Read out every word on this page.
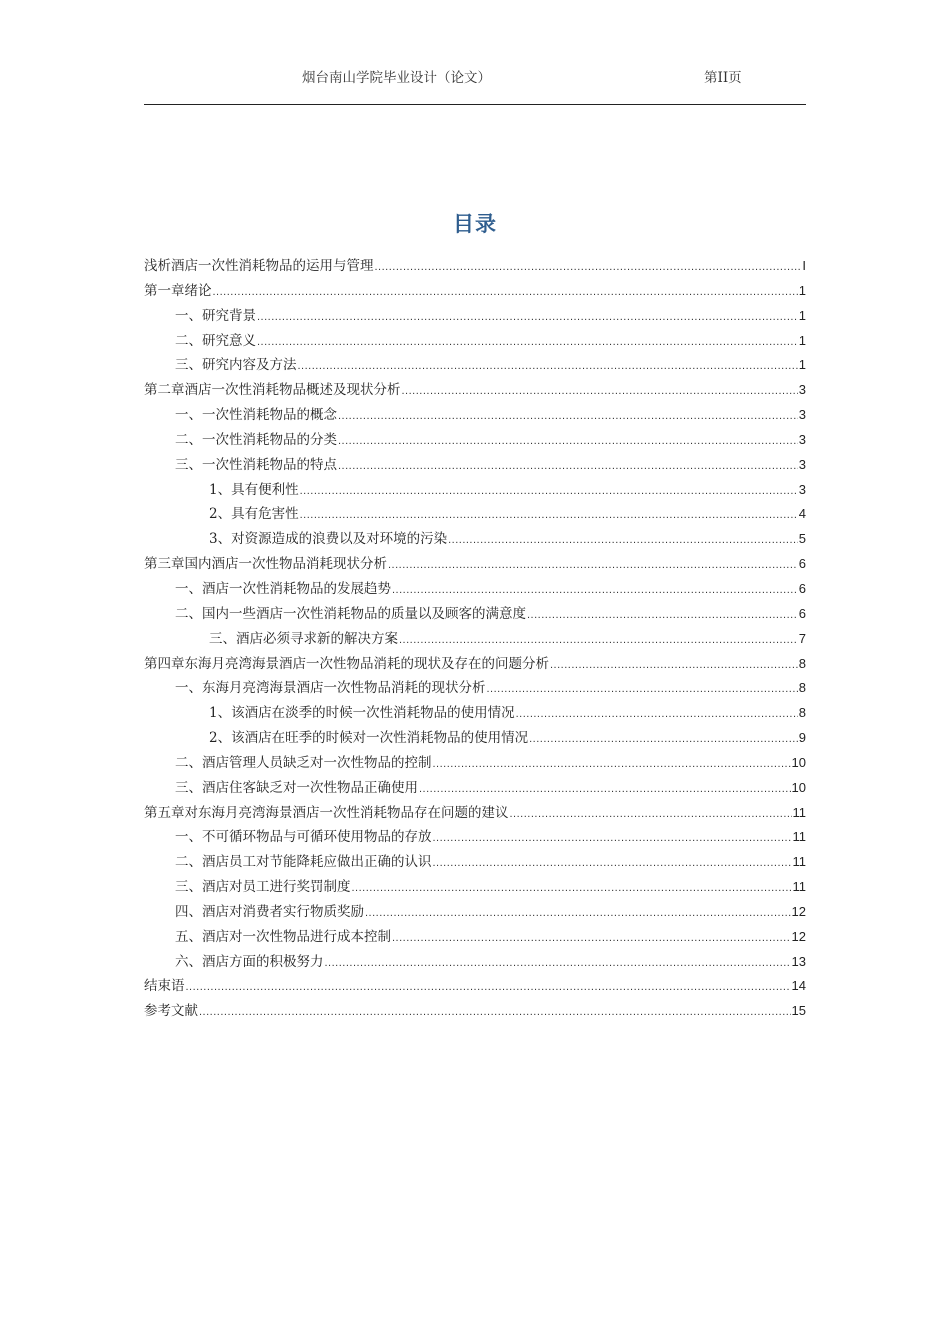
烟台南山学院毕业设计（论文）	第II页
目录
浅析酒店一次性消耗物品的运用与管理 .....	I
第一章绪论 .....	1
一、研究背景 .....	1
二、研究意义 .....	1
三、研究内容及方法 .....	1
第二章酒店一次性消耗物品概述及现状分析 .....	3
一、一次性消耗物品的概念 .....	3
二、一次性消耗物品的分类 .....	3
三、一次性消耗物品的特点 .....	3
1、具有便利性 .....	3
2、具有危害性 .....	4
3、对资源造成的浪费以及对环境的污染 .....	5
第三章国内酒店一次性物品消耗现状分析 .....	6
一、酒店一次性消耗物品的发展趋势 .....	6
二、国内一些酒店一次性消耗物品的质量以及顾客的满意度 .....	6
三、酒店必须寻求新的解决方案 .....	7
第四章东海月亮湾海景酒店一次性物品消耗的现状及存在的问题分析 .....	8
一、东海月亮湾海景酒店一次性物品消耗的现状分析 .....	8
1、该酒店在淡季的时候一次性消耗物品的使用情况 .....	8
2、该酒店在旺季的时候对一次性消耗物品的使用情况 .....	9
二、酒店管理人员缺乏对一次性物品的控制 .....	10
三、酒店住客缺乏对一次性物品正确使用 .....	10
第五章对东海月亮湾海景酒店一次性消耗物品存在问题的建议 .....	11
一、不可循环物品与可循环使用物品的存放 .....	11
二、酒店员工对节能降耗应做出正确的认识 .....	11
三、酒店对员工进行奖罚制度 .....	11
四、酒店对消费者实行物质奖励 .....	12
五、酒店对一次性物品进行成本控制 .....	12
六、酒店方面的积极努力 .....	13
结束语 .....	14
参考文献 .....	15
